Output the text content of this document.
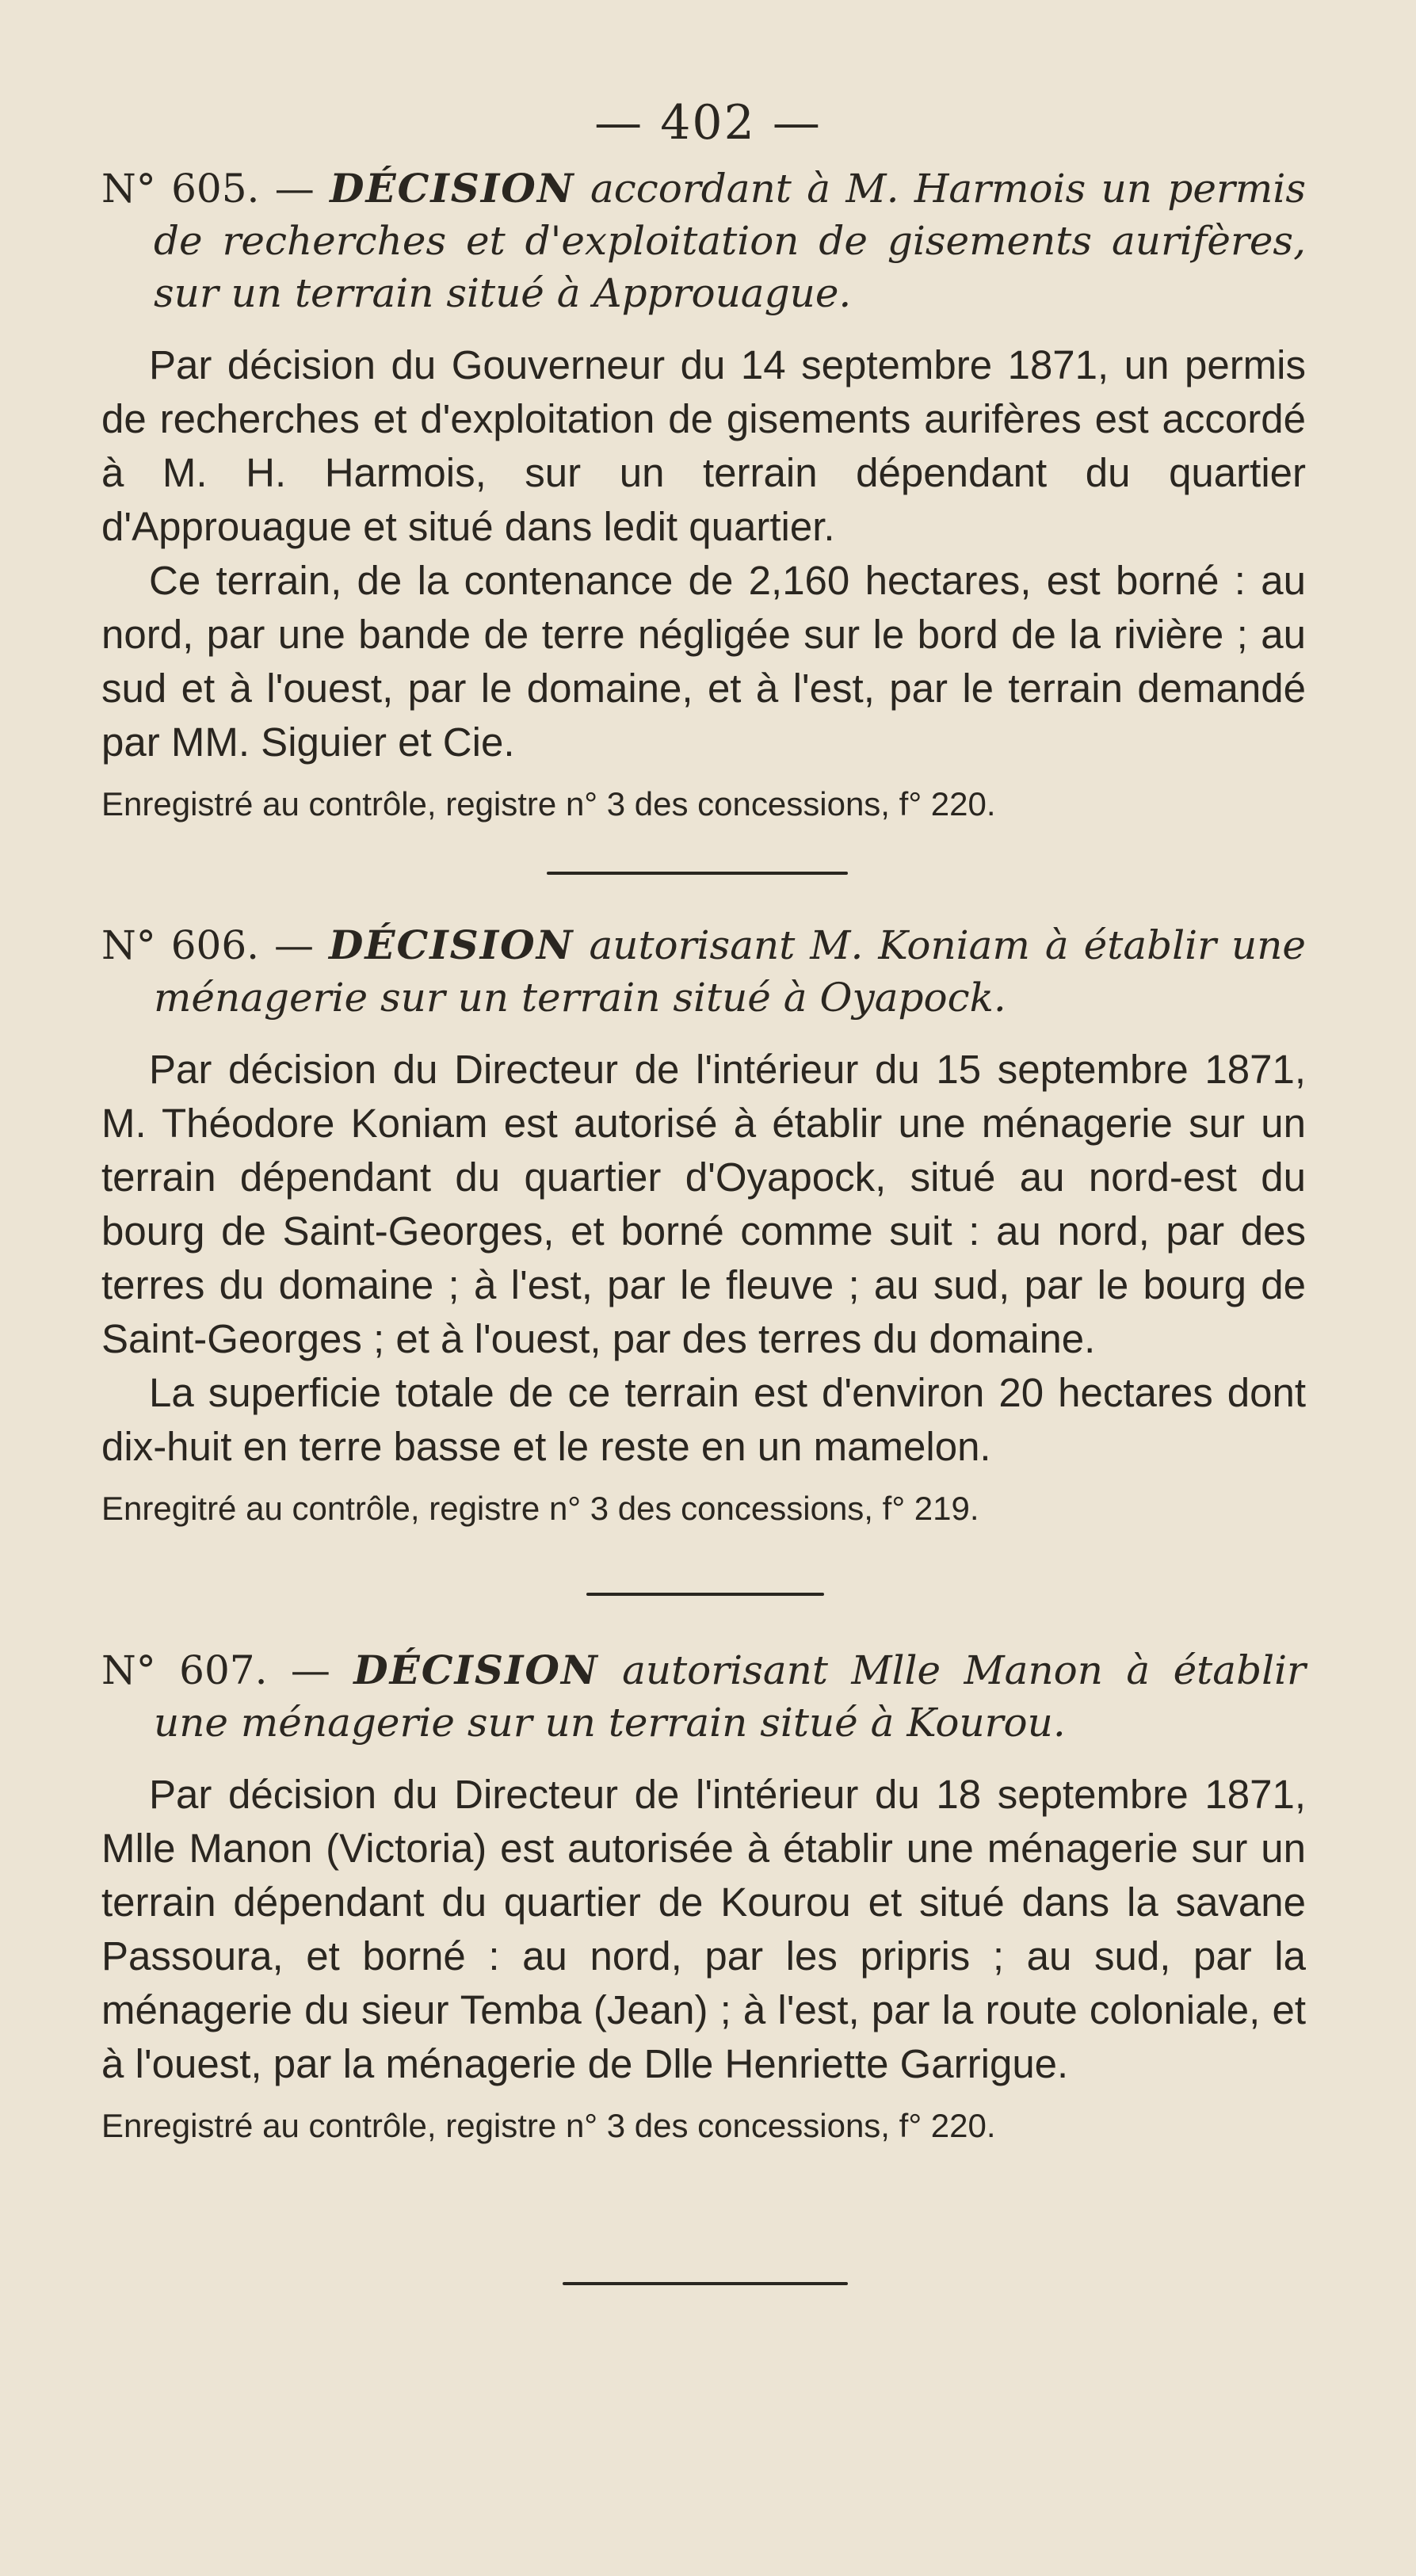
— 402 —
N° 605. — DÉCISION accordant à M. Harmois un permis de recherches et d'exploitation de gisements aurifères, sur un terrain situé à Approuague.

Par décision du Gouverneur du 14 septembre 1871, un permis de recherches et d'exploitation de gisements aurifères est accordé à M. H. Harmois, sur un terrain dépendant du quartier d'Approuague et situé dans ledit quartier.

Ce terrain, de la contenance de 2,160 hectares, est borné : au nord, par une bande de terre négligée sur le bord de la rivière ; au sud et à l'ouest, par le domaine, et à l'est, par le terrain demandé par MM. Siguier et Cie.

Enregistré au contrôle, registre n° 3 des concessions, f° 220.
N° 606. — DÉCISION autorisant M. Koniam à établir une ménagerie sur un terrain situé à Oyapock.

Par décision du Directeur de l'intérieur du 15 septembre 1871, M. Théodore Koniam est autorisé à établir une ménagerie sur un terrain dépendant du quartier d'Oyapock, situé au nord-est du bourg de Saint-Georges, et borné comme suit : au nord, par des terres du domaine ; à l'est, par le fleuve ; au sud, par le bourg de Saint-Georges ; et à l'ouest, par des terres du domaine.

La superficie totale de ce terrain est d'environ 20 hectares dont dix-huit en terre basse et le reste en un mamelon.

Enregitré au contrôle, registre n° 3 des concessions, f° 219.
N° 607. — DÉCISION autorisant Mlle Manon à établir une ménagerie sur un terrain situé à Kourou.

Par décision du Directeur de l'intérieur du 18 septembre 1871, Mlle Manon (Victoria) est autorisée à établir une ménagerie sur un terrain dépendant du quartier de Kourou et situé dans la savane Passoura, et borné : au nord, par les pripris ; au sud, par la ménagerie du sieur Temba (Jean) ; à l'est, par la route coloniale, et à l'ouest, par la ménagerie de Dlle Henriette Garrigue.

Enregistré au contrôle, registre n° 3 des concessions, f° 220.
